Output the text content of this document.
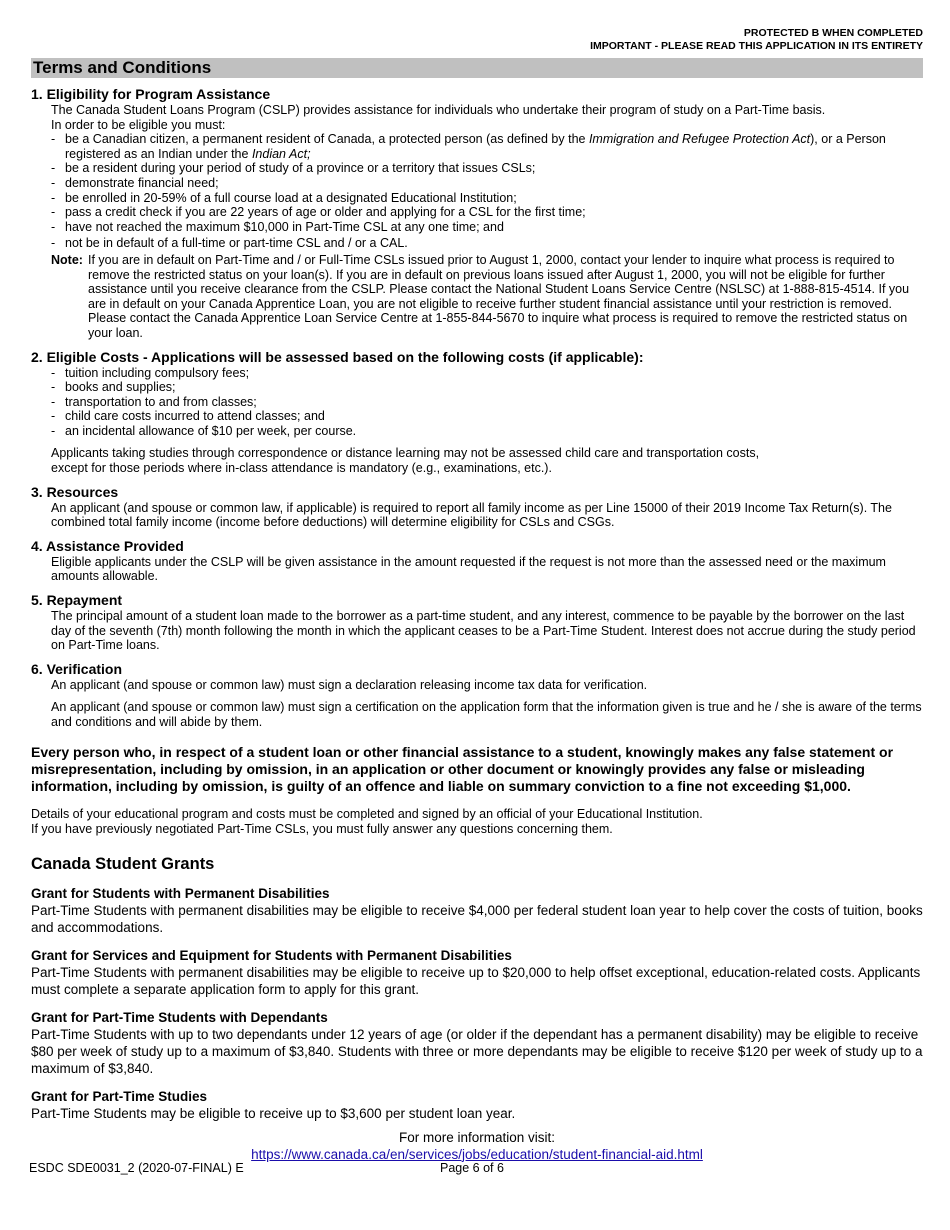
PROTECTED B WHEN COMPLETED
IMPORTANT - PLEASE READ THIS APPLICATION IN ITS ENTIRETY
Terms and Conditions
1. Eligibility for Program Assistance
The Canada Student Loans Program (CSLP) provides assistance for individuals who undertake their program of study on a Part-Time basis.
In order to be eligible you must:
- be a Canadian citizen, a permanent resident of Canada, a protected person (as defined by the Immigration and Refugee Protection Act), or a Person registered as an Indian under the Indian Act;
- be a resident during your period of study of a province or a territory that issues CSLs;
- demonstrate financial need;
- be enrolled in 20-59% of a full course load at a designated Educational Institution;
- pass a credit check if you are 22 years of age or older and applying for a CSL for the first time;
- have not reached the maximum $10,000 in Part-Time CSL at any one time; and
- not be in default of a full-time or part-time CSL and / or a CAL.
Note: If you are in default on Part-Time and / or Full-Time CSLs issued prior to August 1, 2000, contact your lender to inquire what process is required to remove the restricted status on your loan(s). If you are in default on previous loans issued after August 1, 2000, you will not be eligible for further assistance until you receive clearance from the CSLP. Please contact the National Student Loans Service Centre (NSLSC) at 1-888-815-4514. If you are in default on your Canada Apprentice Loan, you are not eligible to receive further student financial assistance until your restriction is removed. Please contact the Canada Apprentice Loan Service Centre at 1-855-844-5670 to inquire what process is required to remove the restricted status on your loan.
2. Eligible Costs - Applications will be assessed based on the following costs (if applicable):
- tuition including compulsory fees;
- books and supplies;
- transportation to and from classes;
- child care costs incurred to attend classes; and
- an incidental allowance of $10 per week, per course.
Applicants taking studies through correspondence or distance learning may not be assessed child care and transportation costs,
except for those periods where in-class attendance is mandatory (e.g., examinations, etc.).
3. Resources
An applicant (and spouse or common law, if applicable) is required to report all family income as per Line 15000 of their 2019 Income Tax Return(s). The combined total family income (income before deductions) will determine eligibility for CSLs and CSGs.
4. Assistance Provided
Eligible applicants under the CSLP will be given assistance in the amount requested if the request is not more than the assessed need or the maximum amounts allowable.
5. Repayment
The principal amount of a student loan made to the borrower as a part-time student, and any interest, commence to be payable by the borrower on the last day of the seventh (7th) month following the month in which the applicant ceases to be a Part-Time Student. Interest does not accrue during the study period on Part-Time loans.
6. Verification
An applicant (and spouse or common law) must sign a declaration releasing income tax data for verification.
An applicant (and spouse or common law) must sign a certification on the application form that the information given is true and he / she is aware of the terms and conditions and will abide by them.
Every person who, in respect of a student loan or other financial assistance to a student, knowingly makes any false statement or misrepresentation, including by omission, in an application or other document or knowingly provides any false or misleading information, including by omission, is guilty of an offence and liable on summary conviction to a fine not exceeding $1,000.
Details of your educational program and costs must be completed and signed by an official of your Educational Institution.
If you have previously negotiated Part-Time CSLs, you must fully answer any questions concerning them.
Canada Student Grants
Grant for Students with Permanent Disabilities
Part-Time Students with permanent disabilities may be eligible to receive $4,000 per federal student loan year to help cover the costs of tuition, books and accommodations.
Grant for Services and Equipment for Students with Permanent Disabilities
Part-Time Students with permanent disabilities may be eligible to receive up to $20,000 to help offset exceptional, education-related costs. Applicants must complete a separate application form to apply for this grant.
Grant for Part-Time Students with Dependants
Part-Time Students with up to two dependants under 12 years of age (or older if the dependant has a permanent disability) may be eligible to receive $80 per week of study up to a maximum of $3,840. Students with three or more dependants may be eligible to receive $120 per week of study up to a maximum of $3,840.
Grant for Part-Time Studies
Part-Time Students may be eligible to receive up to $3,600 per student loan year.
For more information visit:
https://www.canada.ca/en/services/jobs/education/student-financial-aid.html
ESDC SDE0031_2 (2020-07-FINAL) E	Page 6 of 6
